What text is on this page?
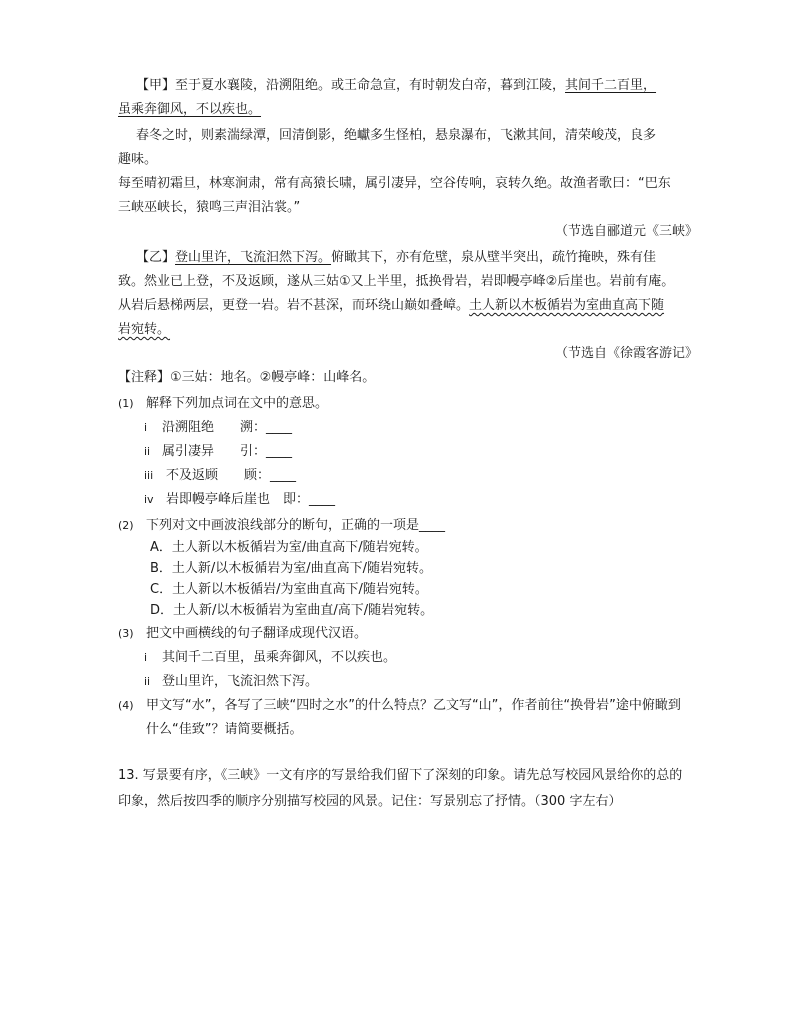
【甲】至于夏水襄陵，沿溯阻绝。或王命急宣，有时朝发白帝，暮到江陵，其间千二百里，
虽乘奔御风，不以疾也。
春冬之时，则素湍绿潭，回清倒影，绝巘多生怪柏，悬泉瀑布，飞漱其间，清荣峻茂，良多
趣味。
每至晴初霜旦，林寒涧肃，常有高猿长啸，属引凄异，空谷传响，哀转久绝。故渔者歌曰：“巴东
三峡巫峡长，猿鸣三声泪沾裳。”
（节选自郦道元《三峡》
【乙】登山里许，飞流汩然下泻。俯瞰其下，亦有危壁，泉从壁半突出，疏竹掩映，殊有佳
致。然业已上登，不及返顾，遂从三姑①又上半里，抵换骨岩，岩即幔亭峰②后崖也。岩前有庵。
从岩后悬梯两层，更登一岩。岩不甚深，而环绕山巅如叠嶂。土人新以木板循岩为室曲直高下随
岩宛转。
（节选自《徐霞客游记》
【注释】①三姑：地名。②幔亭峰：山峰名。
(1) 解释下列加点词在文中的意思。
i 沿溯阻绝　　溯：____
ii 属引凄异　　引：____
iii 不及返顾　　顾：____
iv 岩即幔亭峰后崖也　即：____
(2) 下列对文中画波浪线部分的断句，正确的一项是____
A．土人新以木板循岩为室/曲直高下/随岩宛转。
B．土人新/以木板循岩为室/曲直高下/随岩宛转。
C．土人新以木板循岩/为室曲直高下/随岩宛转。
D．土人新/以木板循岩为室曲直/高下/随岩宛转。
(3) 把文中画横线的句子翻译成现代汉语。
i 其间千二百里，虽乘奔御风，不以疾也。
ii 登山里许，飞流汩然下泻。
(4) 甲文写“水”，各写了三峡“四时之水”的什么特点？乙文写“山”，作者前往“换骨岩”途中俯瞰到
什么“佳致”？请简要概括。
13. 写景要有序，《三峡》一文有序的写景给我们留下了深刻的印象。请先总写校园风景给你的总的
印象，然后按四季的顺序分别描写校园的风景。记住：写景别忘了抒情。（300 字左右）
